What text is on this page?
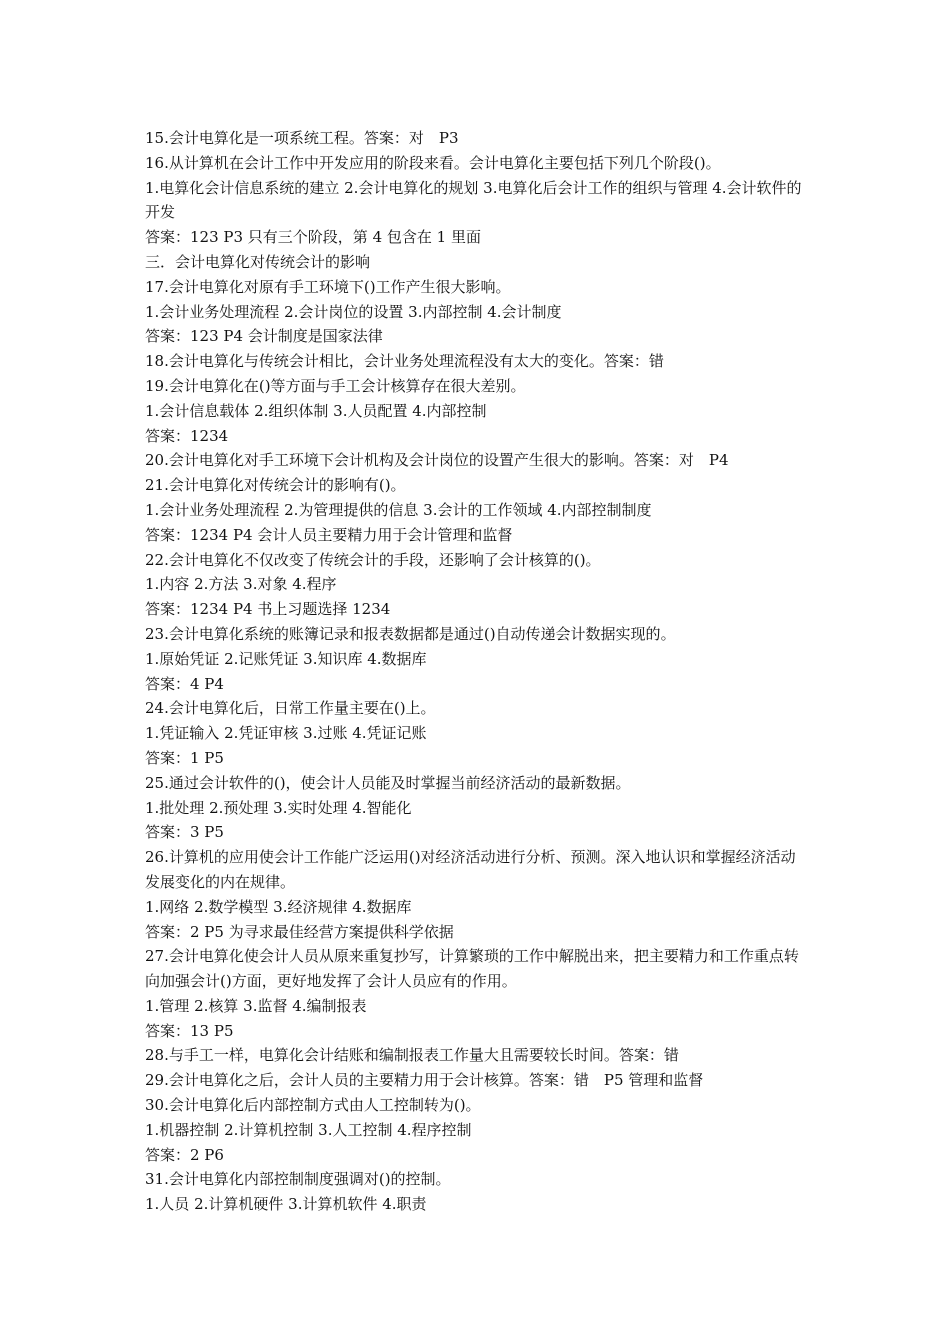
15.会计电算化是一项系统工程。答案：对　P3

16.从计算机在会计工作中开发应用的阶段来看。会计电算化主要包括下列几个阶段()。

1.电算化会计信息系统的建立 2.会计电算化的规划 3.电算化后会计工作的组织与管理 4.会计软件的开发

答案：123 P3 只有三个阶段，第 4 包含在 1 里面

三．会计电算化对传统会计的影响

17.会计电算化对原有手工环境下()工作产生很大影响。

1.会计业务处理流程 2.会计岗位的设置 3.内部控制 4.会计制度

答案：123 P4 会计制度是国家法律

18.会计电算化与传统会计相比，会计业务处理流程没有太大的变化。答案：错

19.会计电算化在()等方面与手工会计核算存在很大差别。

1.会计信息载体 2.组织体制 3.人员配置 4.内部控制

答案：1234

20.会计电算化对手工环境下会计机构及会计岗位的设置产生很大的影响。答案：对　P4

21.会计电算化对传统会计的影响有()。

1.会计业务处理流程 2.为管理提供的信息 3.会计的工作领域 4.内部控制制度

答案：1234 P4 会计人员主要精力用于会计管理和监督

22.会计电算化不仅改变了传统会计的手段，还影响了会计核算的()。

1.内容 2.方法 3.对象 4.程序

答案：1234 P4 书上习题选择 1234

23.会计电算化系统的账簿记录和报表数据都是通过()自动传递会计数据实现的。

1.原始凭证 2.记账凭证 3.知识库 4.数据库

答案：4 P4

24.会计电算化后，日常工作量主要在()上。

1.凭证输入 2.凭证审核 3.过账 4.凭证记账

答案：1 P5

25.通过会计软件的()，使会计人员能及时掌握当前经济活动的最新数据。

1.批处理 2.预处理 3.实时处理 4.智能化

答案：3 P5

26.计算机的应用使会计工作能广泛运用()对经济活动进行分析、预测。深入地认识和掌握经济活动发展变化的内在规律。

1.网络 2.数学模型 3.经济规律 4.数据库

答案：2 P5 为寻求最佳经营方案提供科学依据

27.会计电算化使会计人员从原来重复抄写，计算繁琐的工作中解脱出来，把主要精力和工作重点转向加强会计()方面，更好地发挥了会计人员应有的作用。

1.管理 2.核算 3.监督 4.编制报表

答案：13 P5

28.与手工一样，电算化会计结账和编制报表工作量大且需要较长时间。答案：错

29.会计电算化之后，会计人员的主要精力用于会计核算。答案：错　P5 管理和监督

30.会计电算化后内部控制方式由人工控制转为()。

1.机器控制 2.计算机控制 3.人工控制 4.程序控制

答案：2 P6

31.会计电算化内部控制制度强调对()的控制。

1.人员 2.计算机硬件 3.计算机软件 4.职责
